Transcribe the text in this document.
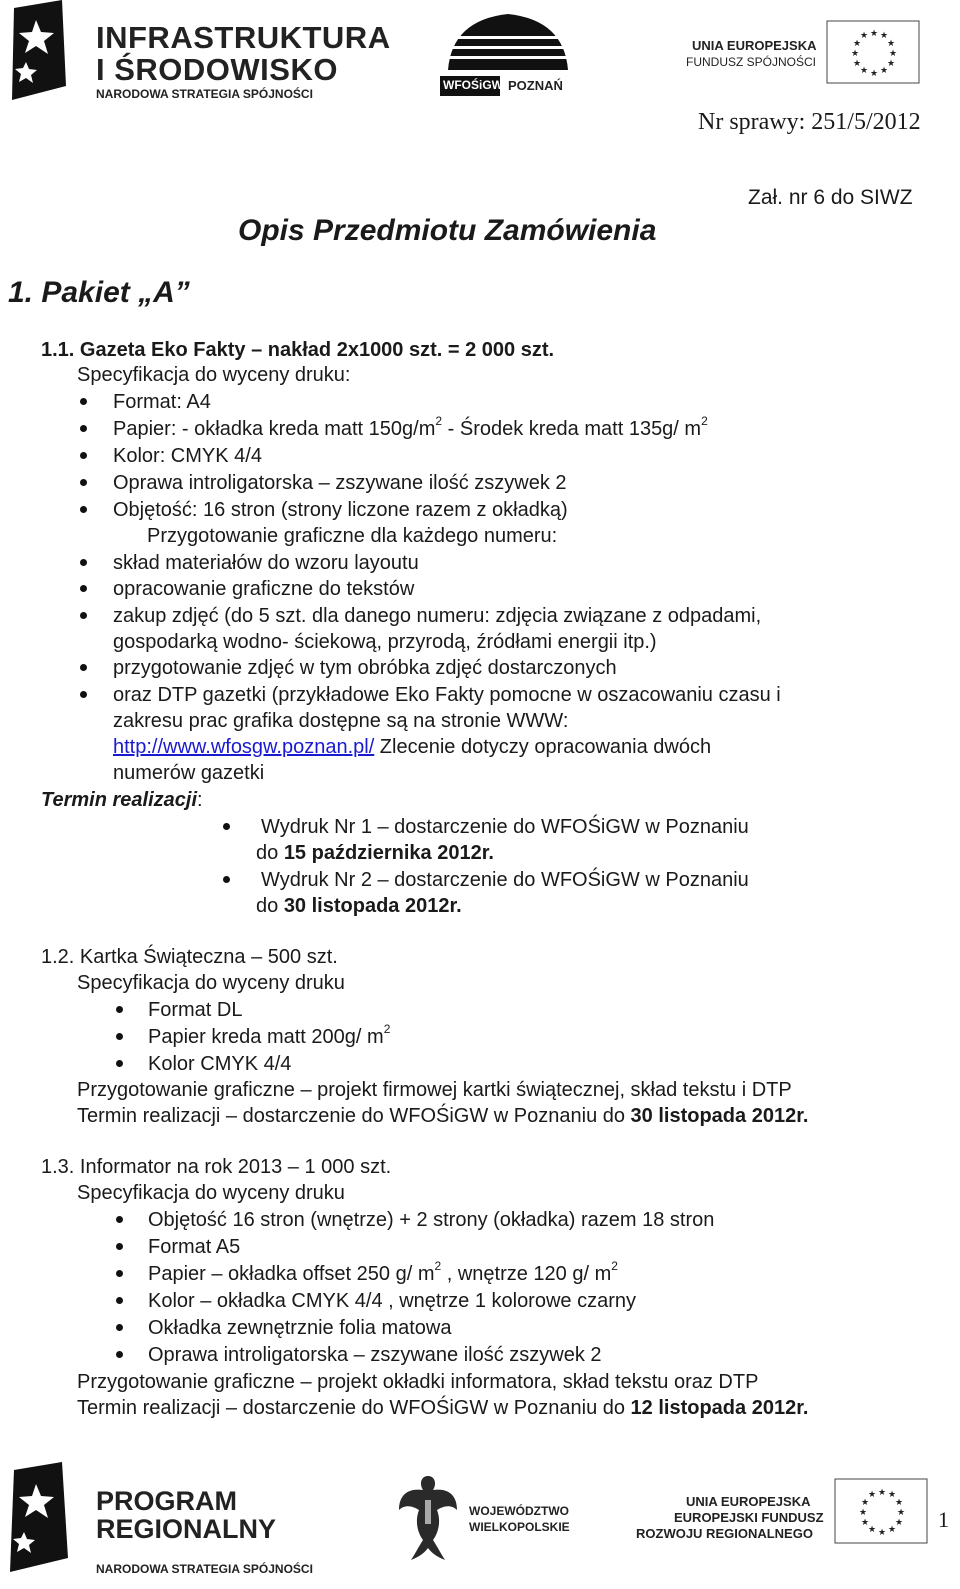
INFRASTRUKTURA
I ŚRODOWISKO
NARODOWA STRATEGIA SPÓJNOŚCI
WFOŚiGW POZNAŃ
UNIA EUROPEJSKA
FUNDUSZ SPÓJNOŚCI
★ ★
★
★
★
★
★
★
★
★
★
★
Nr sprawy: 251/5/2012
Zał. nr 6 do SIWZ
Opis Przedmiotu Zamówienia
1. Pakiet „A”
1.1. Gazeta Eko Fakty – nakład 2x1000 szt. = 2 000 szt.
Specyfikacja do wyceny druku:
Format: A4
Papier: - okładka kreda matt $150g/m^2$ - Środek kreda matt 135g/ $m^2$
Kolor: CMYK 4/4
Oprawa introligatorska – zszywane ilość zszywek 2
Objętość: 16 stron (strony liczone razem z okładką)
Przygotowanie graficzne dla każdego numeru:
skład materiałów do wzoru layoutu
opracowanie graficzne do tekstów
zakup zdjęć (do 5 szt. dla danego numeru: zdjęcia związane z odpadami,
gospodarką wodno- ściekową, przyrodą, źródłami energii itp.)
przygotowanie zdjęć w tym obróbka zdjęć dostarczonych
oraz DTP gazetki (przykładowe Eko Fakty pomocne w oszacowaniu czasu i
zakresu prac grafika dostępne są na stronie WWW:
http://www.wfosgw.poznan.pl/ Zlecenie dotyczy opracowania dwóch
numerów gazetki
Termin realizacji:
Wydruk Nr 1 – dostarczenie do WFOŚiGW w Poznaniu
do 15 października 2012r.
Wydruk Nr 2 – dostarczenie do WFOŚiGW w Poznaniu
do 30 listopada 2012r.
1.2. Kartka Świąteczna – 500 szt.
Specyfikacja do wyceny druku
Format DL
Papier kreda matt 200g/ $m^2$
Kolor CMYK 4/4
Przygotowanie graficzne – projekt firmowej kartki świątecznej, skład tekstu i DTP
Termin realizacji – dostarczenie do WFOŚiGW w Poznaniu do 30 listopada 2012r.
1.3. Informator na rok 2013 – 1 000 szt.
Specyfikacja do wyceny druku
Objętość 16 stron (wnętrze) + 2 strony (okładka) razem 18 stron
Format A5
Papier – okładka offset 250 g/ $m^2$ , wnętrze 120 g/ $m^2$
Kolor – okładka CMYK 4/4 , wnętrze 1 kolorowe czarny
Okładka zewnętrznie folia matowa
Oprawa introligatorska – zszywane ilość zszywek 2
Przygotowanie graficzne – projekt okładki informatora, skład tekstu oraz DTP
Termin realizacji – dostarczenie do WFOŚiGW w Poznaniu do 12 listopada 2012r.
PROGRAM
REGIONALNY
NARODOWA STRATEGIA SPÓJNOŚCI
WOJEWÓDZTWO
WIELKOPOLSKIE
UNIA EUROPEJSKA
EUROPEJSKI FUNDUSZ
ROZWOJU REGIONALNEGO
★ ★
★
★
★
★
★
★
★
★
★
★
1
